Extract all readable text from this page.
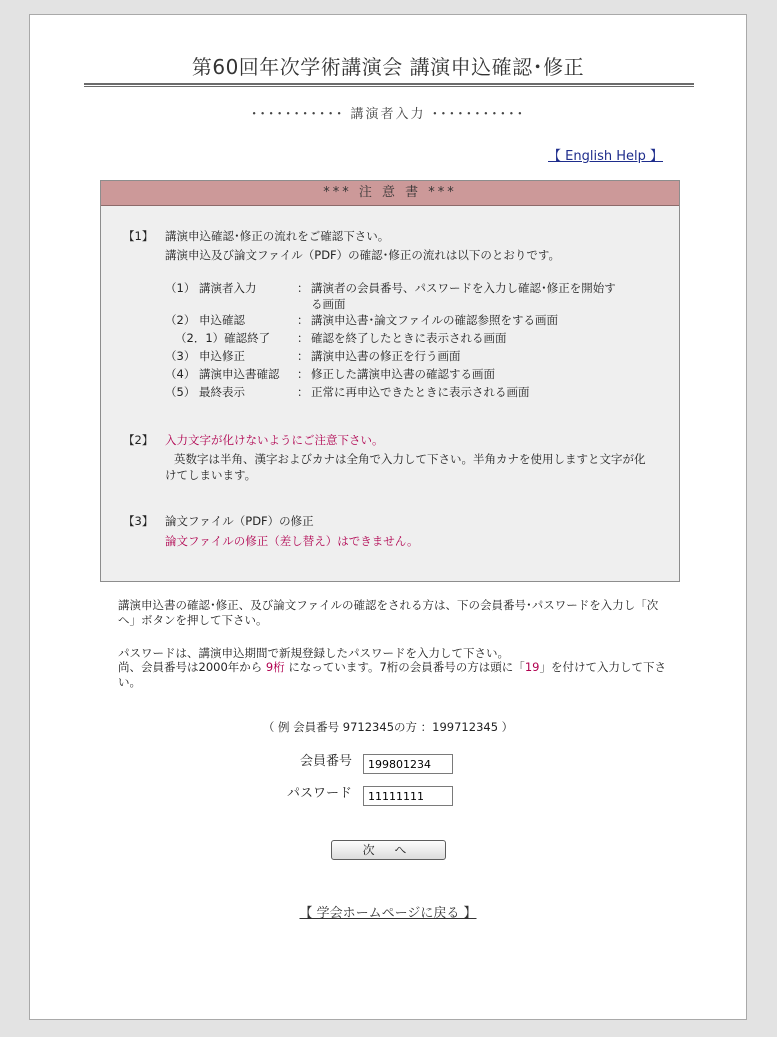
第60回年次学術講演会 講演申込確認･修正
･･･････････ 講演者入力 ･･･････････
【 English Help 】
*** 注 意 書 ***
【1】 講演申込確認･修正の流れをご確認下さい。
講演申込及び論文ファイル（PDF）の確認･修正の流れは以下のとおりです。
（1） 講演者入力	： 講演者の会員番号、パスワードを入力し確認･修正を開始する画面
（2） 申込確認	： 講演申込書･論文ファイルの確認参照をする画面
（2．1）確認終了 ： 確認を終了したときに表示される画面
（3） 申込修正	： 講演申込書の修正を行う画面
（4） 講演申込書確認 ： 修正した講演申込書の確認する画面
（5） 最終表示	： 正常に再申込できたときに表示される画面
【2】 入力文字が化けないようにご注意下さい。
英数字は半角、漢字およびカナは全角で入力して下さい。半角カナを使用しますと文字が化けてしまいます。
【3】 論文ファイル（PDF）の修正
論文ファイルの修正（差し替え）はできません。
講演申込書の確認･修正、及び論文ファイルの確認をされる方は、下の会員番号･パスワードを入力し「次へ」ボタンを押して下さい。
パスワードは、講演申込期間で新規登録したパスワードを入力して下さい。
尚、会員番号は2000年から 9桁 になっています。7桁の会員番号の方は頭に「19」を付けて入力して下さい。
（ 例 会員番号 9712345の方 ：199712345 ）
会員番号
199801234
パスワード
11111111
次 へ
【 学会ホームページに戻る 】
